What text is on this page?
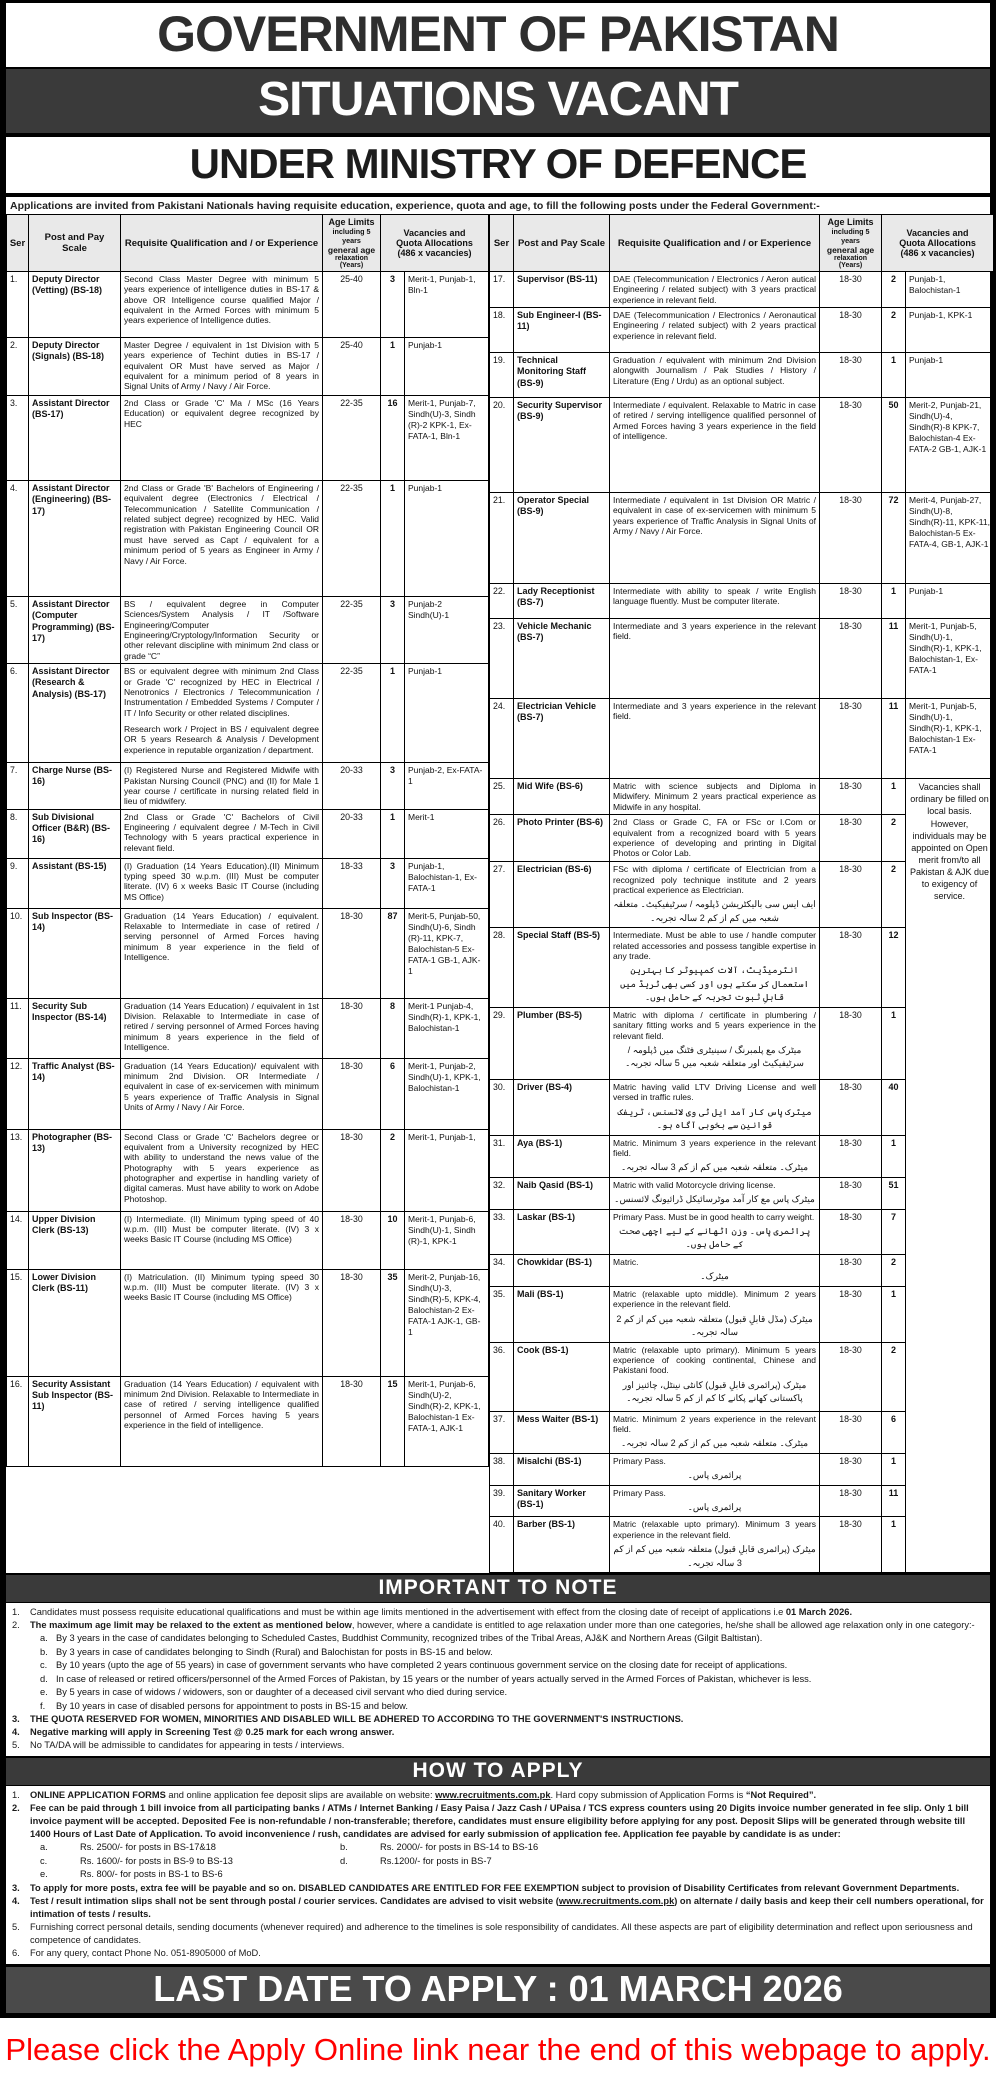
GOVERNMENT OF PAKISTAN
SITUATIONS VACANT
UNDER MINISTRY OF DEFENCE
Applications are invited from Pakistani Nationals having requisite education, experience, quota and age, to fill the following posts under the Federal Government:-
Ser	Post and Pay Scale	Requisite Qualification and / or Experience	
Age Limits
including 5 years
general age
relaxation (Years)

Vacancies and
Quota Allocations
(486 x vacancies)

1.	Deputy Director (Vetting) (BS-18)	Second Class Master Degree with minimum 5 years experience of intelligence duties in BS-17 & above OR Intelligence course qualified Major / equivalent in the Armed Forces with minimum 5 years experience of Intelligence duties.	25-40	3	Merit-1, Punjab-1, Bln-1
2.	Deputy Director (Signals) (BS-18)	Master Degree / equivalent in 1st Division with 5 years experience of Techint duties in BS-17 / equivalent OR Must have served as Major / equivalent for a minimum period of 8 years in Signal Units of Army / Navy / Air Force.	25-40	1	Punjab-1
3.	Assistant Director (BS-17)	2nd Class or Grade 'C' Ma / MSc (16 Years Education) or equivalent degree recognized by HEC	22-35	16	Merit-1, Punjab-7, Sindh(U)-3, Sindh (R)-2 KPK-1, Ex-FATA-1, Bln-1
4.	Assistant Director (Engineering) (BS-17)	2nd Class or Grade 'B' Bachelors of Engineering / equivalent degree (Electronics / Electrical / Telecommunication / Satellite Communication / related subject degree) recognized by HEC. Valid registration with Pakistan Engineering Council OR must have served as Capt / equivalent for a minimum period of 5 years as Engineer in Army / Navy / Air Force.	22-35	1	Punjab-1
5.	Assistant Director (Computer Programming) (BS-17)	BS / equivalent degree in Computer Sciences/System Analysis / IT /Software Engineering/Computer Engineering/Cryptology/Information Security or other relevant discipline with minimum 2nd class or grade “C”	22-35	3	Punjab-2 Sindh(U)-1
6.	Assistant Director (Research & Analysis) (BS-17)	BS or equivalent degree with minimum 2nd Class or Grade 'C' recognized by HEC in Electrical / Nenotronics / Electronics / Telecommunication / Instrumentation / Embedded Systems / Computer / IT / Info Security or other related disciplines.
Research work / Project in BS / equivalent degree OR 5 years Research & Analysis / Development experience in reputable organization / department.	22-35	1	Punjab-1
7.	Charge Nurse (BS-16)	(I) Registered Nurse and Registered Midwife with Pakistan Nursing Council (PNC) and (II) for Male 1 year course / certificate in nursing related field in lieu of midwifery.	20-33	3	Punjab-2, Ex-FATA-1
8.	Sub Divisional Officer (B&R) (BS-16)	2nd Class or Grade 'C' Bachelors of Civil Engineering / equivalent degree / M-Tech in Civil Technology with 5 years practical experience in relevant field.	20-33	1	Merit-1
9.	Assistant (BS-15)	(I) Graduation (14 Years Education).(II) Minimum typing speed 30 w.p.m. (III) Must be computer literate. (IV) 6 x weeks Basic IT Course (including MS Office)	18-33	3	Punjab-1, Balochistan-1, Ex-FATA-1
10.	Sub Inspector (BS-14)	Graduation (14 Years Education) / equivalent. Relaxable to Intermediate in case of retired / serving personnel of Armed Forces having minimum 8 year experience in the field of Intelligence.	18-30	87	Merit-5, Punjab-50, Sindh(U)-6, Sindh (R)-11, KPK-7, Balochistan-5 Ex-FATA-1 GB-1, AJK-1
11.	Security Sub Inspector (BS-14)	Graduation (14 Years Education) / equivalent in 1st Division. Relaxable to Intermediate in case of retired / serving personnel of Armed Forces having minimum 8 years experience in the field of Intelligence.	18-30	8	Merit-1 Punjab-4, Sindh(R)-1, KPK-1, Balochistan-1
12.	Traffic Analyst (BS-14)	Graduation (14 Years Education)/ equivalent with minimum 2nd Division. OR Intermediate / equivalent in case of ex-servicemen with minimum 5 years experience of Traffic Analysis in Signal Units of Army / Navy / Air Force.	18-30	6	Merit-1, Punjab-2, Sindh(U)-1, KPK-1, Balochistan-1
13.	Photographer (BS-13)	Second Class or Grade 'C' Bachelors degree or equivalent from a University recognized by HEC with ability to understand the news value of the Photography with 5 years experience as photographer and expertise in handling variety of digital cameras. Must have ability to work on Adobe Photoshop.	18-30	2	Merit-1, Punjab-1,
14.	Upper Division Clerk (BS-13)	(I) Intermediate. (II) Minimum typing speed of 40 w.p.m. (III) Must be computer literate. (IV) 3 x weeks Basic IT Course (including MS Office)	18-30	10	Merit-1, Punjab-6, Sindh(U)-1, Sindh (R)-1, KPK-1
15.	Lower Division Clerk (BS-11)	(I) Matriculation. (II) Minimum typing speed 30 w.p.m. (III) Must be computer literate. (IV) 3 x weeks Basic IT Course (including MS Office)	18-30	35	Merit-2, Punjab-16, Sindh(U)-3, Sindh(R)-5, KPK-4, Balochistan-2 Ex-FATA-1 AJK-1, GB-1
16.	Security Assistant Sub Inspector (BS-11)	Graduation (14 Years Education) / equivalent with minimum 2nd Division. Relaxable to Intermediate in case of retired / serving intelligence qualified personnel of Armed Forces having 5 years experience in the field of intelligence.	18-30	15	Merit-1, Punjab-6, Sindh(U)-2, Sindh(R)-2, KPK-1, Balochistan-1 Ex-FATA-1, AJK-1
Ser	Post and Pay Scale	Requisite Qualification and / or Experience	
Age Limits
including 5 years
general age
relaxation (Years)

Vacancies and
Quota Allocations
(486 x vacancies)

17.	Supervisor (BS-11)	DAE (Telecommunication / Electronics / Aeron autical Engineering / related subject) with 3 years practical experience in relevant field.	18-30	2	Punjab-1, Balochistan-1
18.	Sub Engineer-I (BS-11)	DAE (Telecommunication / Electronics / Aeronautical Engineering / related subject) with 2 years practical experience in relevant field.	18-30	2	Punjab-1, KPK-1
19.	Technical Monitoring Staff (BS-9)	Graduation / equivalent with minimum 2nd Division alongwith Journalism / Pak Studies / History / Literature (Eng / Urdu) as an optional subject.	18-30	1	Punjab-1
20.	Security Supervisor (BS-9)	Intermediate / equivalent. Relaxable to Matric in case of retired / serving intelligence qualified personnel of Armed Forces having 3 years experience in the field of intelligence.	18-30	50	Merit-2, Punjab-21, Sindh(U)-4, Sindh(R)-8 KPK-7, Balochistan-4 Ex-FATA-2 GB-1, AJK-1
21.	Operator Special (BS-9)	Intermediate / equivalent in 1st Division OR Matric / equivalent in case of ex-servicemen with minimum 5 years experience of Traffic Analysis in Signal Units of Army / Navy / Air Force.	18-30	72	Merit-4, Punjab-27, Sindh(U)-8, Sindh(R)-11, KPK-11, Balochistan-5 Ex-FATA-4, GB-1, AJK-1
22.	Lady Receptionist (BS-7)	Intermediate with ability to speak / write English language fluently. Must be computer literate.	18-30	1	Punjab-1
23.	Vehicle Mechanic (BS-7)	Intermediate and 3 years experience in the relevant field.	18-30	11	Merit-1, Punjab-5, Sindh(U)-1, Sindh(R)-1, KPK-1, Balochistan-1, Ex-FATA-1
24.	Electrician Vehicle (BS-7)	Intermediate and 3 years experience in the relevant field.	18-30	11	Merit-1, Punjab-5, Sindh(U)-1, Sindh(R)-1, KPK-1, Balochistan-1 Ex-FATA-1
25.	Mid Wife (BS-6)	Matric with science subjects and Diploma in Midwifery. Minimum 2 years practical experience as Midwife in any hospital.	18-30	1	Vacancies shall ordinary be filled on local basis. However, individuals may be appointed on Open merit from/to all Pakistan & AJK due to exigency of service.
26.	Photo Printer (BS-6)	2nd Class or Grade C, FA or FSc or I.Com or equivalent from a recognized board with 5 years experience of developing and printing in Digital Photos or Color Lab.	18-30	2	
27.	Electrician (BS-6)	FSc with diploma / certificate of Electrician from a recognized poly technique institute and 2 years practical experience as Electrician.
ایف ایس سی بالیکٹریشن ڈپلومہ / سرٹیفیکیٹ۔ متعلقہ شعبہ میں کم از کم 2 سالہ تجربہ۔	18-30	2	
28.	Special Staff (BS-5)	Intermediate. Must be able to use / handle computer related accessories and possess tangible expertise in any trade.
انٹرمیڈیٹ، آلات کمپیوٹر کا بہترین استعمال کر سکتے ہوں اور کسی بھی ٹریڈ میں قابلِ ثبوت تجربہ کے حامل ہوں۔	18-30	12	
29.	Plumber (BS-5)	Matric with diploma / certificate in plumbering / sanitary fitting works and 5 years experience in the relevant field.
میٹرک مع پلمبرنگ / سینیٹری فٹنگ میں ڈپلومہ / سرٹیفیکیٹ اور متعلقہ شعبہ میں 5 سالہ تجربہ۔	18-30	1	
30.	Driver (BS-4)	Matric having valid LTV Driving License and well versed in traffic rules.
میٹرک پاس کار آمد ایل ٹی وی لائسنس، ٹریفک قوانین سے بخوبی آگاہ ہو۔	18-30	40	
31.	Aya (BS-1)	Matric. Minimum 3 years experience in the relevant field.
میٹرک۔ متعلقہ شعبہ میں کم از کم 3 سالہ تجربہ۔	18-30	1	
32.	Naib Qasid (BS-1)	Matric with valid Motorcycle driving license.
میٹرک پاس مع کار آمد موٹرسائیکل ڈرائیونگ لائسنس۔	18-30	51	
33.	Laskar (BS-1)	Primary Pass. Must be in good health to carry weight.
پرائمری پاس۔ وزن اٹھانے کے لیے اچھی صحت کے حامل ہوں۔	18-30	7	
34.	Chowkidar (BS-1)	Matric.
میٹرک۔	18-30	2	
35.	Mali (BS-1)	Matric (relaxable upto middle). Minimum 2 years experience in the relevant field.
میٹرک (مڈل قابلِ قبول) متعلقہ شعبہ میں کم از کم 2 سالہ تجربہ۔	18-30	1	
36.	Cook (BS-1)	Matric (relaxable upto primary). Minimum 5 years experience of cooking continental, Chinese and Pakistani food.
میٹرک (پرائمری قابلِ قبول) کانٹی نینٹل، چائنیز اور پاکستانی کھانے پکانے کا کم از کم 5 سالہ تجربہ۔	18-30	2	
37.	Mess Waiter (BS-1)	Matric. Minimum 2 years experience in the relevant field.
میٹرک۔ متعلقہ شعبہ میں کم از کم 2 سالہ تجربہ۔	18-30	6	
38.	Misalchi (BS-1)	Primary Pass.
پرائمری پاس۔	18-30	1	
39.	Sanitary Worker (BS-1)	Primary Pass.
پرائمری پاس۔	18-30	11	
40.	Barber (BS-1)	Matric (relaxable upto primary). Minimum 3 years experience in the relevant field.
میٹرک (پرائمری قابلِ قبول) متعلقہ شعبہ میں کم از کم 3 سالہ تجربہ۔	18-30	1	
IMPORTANT TO NOTE
1.	Candidates must possess requisite educational qualifications and must be within age limits mentioned in the advertisement with effect from the closing date of receipt of applications i.e 01 March 2026.
2.	The maximum age limit may be relaxed to the extent as mentioned below, however, where a candidate is entitled to age relaxation under more than one categories, he/she shall be allowed age relaxation only in one category:-
a. By 3 years in the case of candidates belonging to Scheduled Castes, Buddhist Community, recognized tribes of the Tribal Areas, AJ&K and Northern Areas (Gilgit Baltistan).
b. By 3 years in case of candidates belonging to Sindh (Rural) and Balochistan for posts in BS-15 and below.
c. By 10 years (upto the age of 55 years) in case of government servants who have completed 2 years continuous government service on the closing date for receipt of applications.
d. In case of released or retired officers/personnel of the Armed Forces of Pakistan, by 15 years or the number of years actually served in the Armed Forces of Pakistan, whichever is less.
e. By 5 years in case of widows / widowers, son or daughter of a deceased civil servant who died during service.
f.	By 10 years in case of disabled persons for appointment to posts in BS-15 and below.
3.	THE QUOTA RESERVED FOR WOMEN, MINORITIES AND DISABLED WILL BE ADHERED TO ACCORDING TO THE GOVERNMENT'S INSTRUCTIONS.
4.	Negative marking will apply in Screening Test @ 0.25 mark for each wrong answer.
5.	No TA/DA will be admissible to candidates for appearing in tests / interviews.
HOW TO APPLY
1.	ONLINE APPLICATION FORMS and online application fee deposit slips are available on website: www.recruitments.com.pk. Hard copy submission of Application Forms is “Not Required”.
2.	Fee can be paid through 1 bill invoice from all participating banks / ATMs / Internet Banking / Easy Paisa / Jazz Cash / UPaisa / TCS express counters using 20 Digits invoice number generated in fee slip. Only 1 bill invoice payment will be accepted. Deposited Fee is non-refundable / non-transferable; therefore, candidates must ensure eligibility before applying for any post. Deposit Slips will be generated through website till 1400 Hours of Last Date of Application. To avoid inconvenience / rush, candidates are advised for early submission of application fee. Application fee payable by candidate is as under:
a.	Rs. 2500/- for posts in BS-17&18	b.	Rs. 2000/- for posts in BS-14 to BS-16
c.	Rs. 1600/- for posts in BS-9 to BS-13	d.	Rs.1200/- for posts in BS-7
e.	Rs. 800/- for posts in BS-1 to BS-6
3.	To apply for more posts, extra fee will be payable and so on. DISABLED CANDIDATES ARE ENTITLED FOR FEE EXEMPTION subject to provision of Disability Certificates from relevant Government Departments.
4.	Test / result intimation slips shall not be sent through postal / courier services. Candidates are advised to visit website (www.recruitments.com.pk) on alternate / daily basis and keep their cell numbers operational, for intimation of tests / results.
5.	Furnishing correct personal details, sending documents (whenever required) and adherence to the timelines is sole responsibility of candidates. All these aspects are part of eligibility determination and reflect upon seriousness and competence of candidates.
6.	For any query, contact Phone No. 051-8905000 of MoD.
LAST DATE TO APPLY : 01 MARCH 2026
Please click the Apply Online link near the end of this webpage to apply.
